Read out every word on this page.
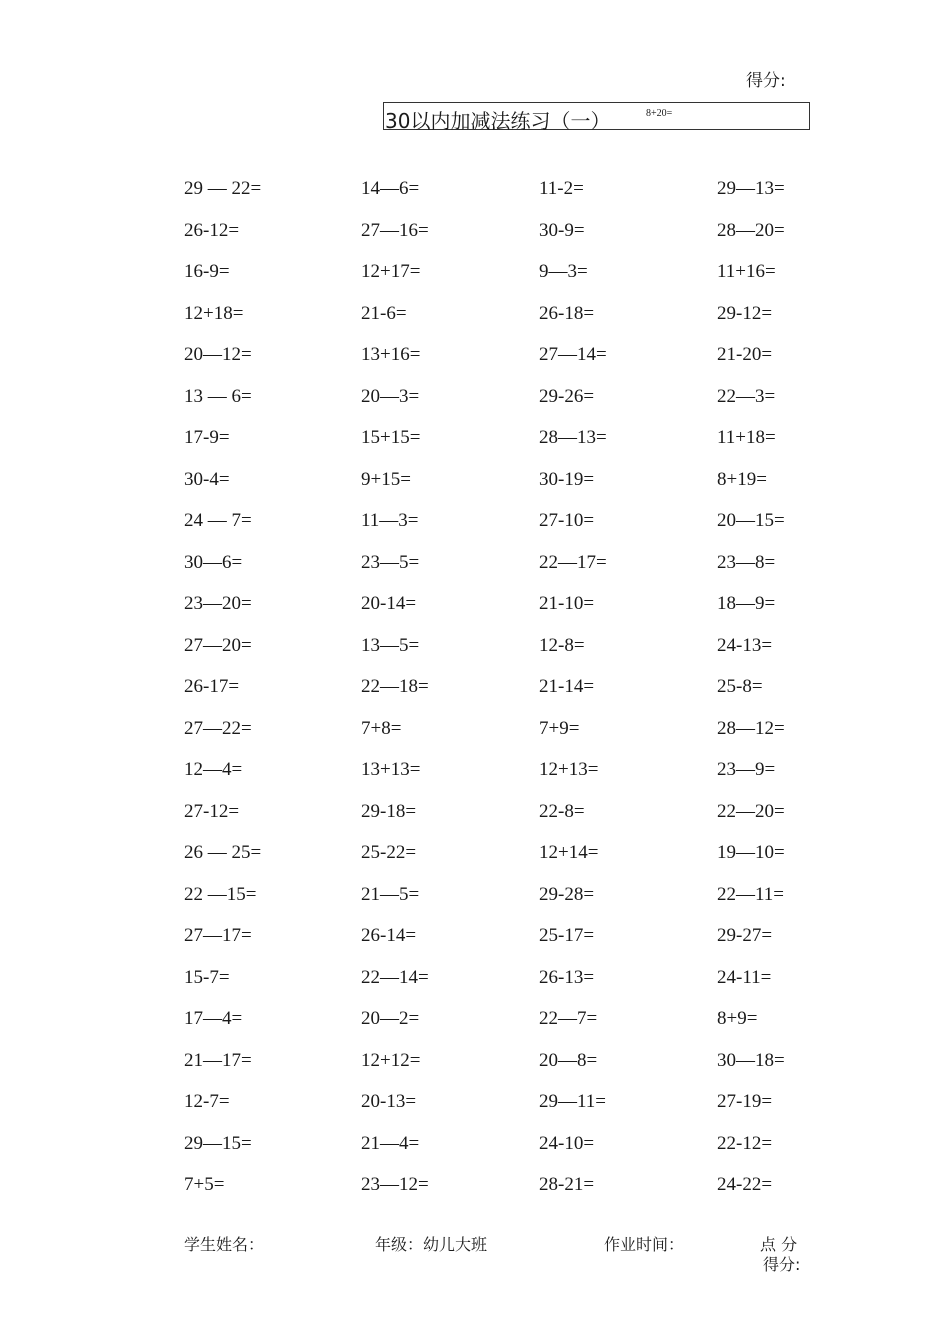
得分:
30以内加减法练习（一）	8+20=
29 — 22=	14—6=	11-2=	29—13=
26-12=	27—16=	30-9=	28—20=
16-9=	12+17=	9—3=	11+16=
12+18=	21-6=	26-18=	29-12=
20—12=	13+16=	27—14=	21-20=
13 — 6=	20—3=	29-26=	22—3=
17-9=	15+15=	28—13=	11+18=
30-4=	9+15=	30-19=	8+19=
24 — 7=	11—3=	27-10=	20—15=
30—6=	23—5=	22—17=	23—8=
23—20=	20-14=	21-10=	18—9=
27—20=	13—5=	12-8=	24-13=
26-17=	22—18=	21-14=	25-8=
27—22=	7+8=	7+9=	28—12=
12—4=	13+13=	12+13=	23—9=
27-12=	29-18=	22-8=	22—20=
26 — 25=	25-22=	12+14=	19—10=
22 —15=	21—5=	29-28=	22—11=
27—17=	26-14=	25-17=	29-27=
15-7=	22—14=	26-13=	24-11=
17—4=	20—2=	22—7=	8+9=
21—17=	12+12=	20—8=	30—18=
12-7=	20-13=	29—11=	27-19=
29—15=	21—4=	24-10=	22-12=
7+5=	23—12=	28-21=	24-22=
学生姓名：	年级：幼儿大班	作业时间：	点 分
得分:
